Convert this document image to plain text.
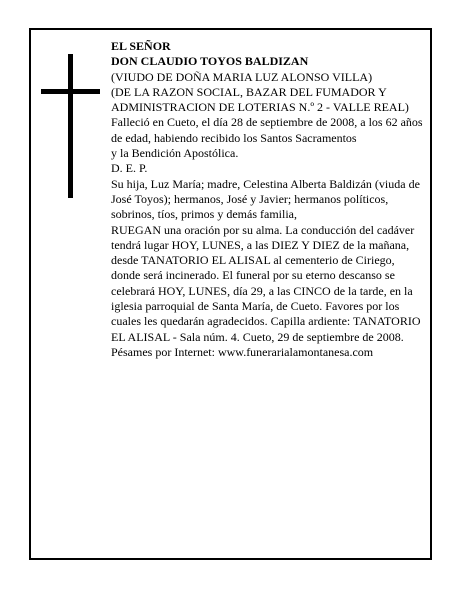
EL SEÑOR

DON CLAUDIO TOYOS BALDIZAN

(VIUDO DE DOÑA MARIA LUZ ALONSO VILLA)

(DE LA RAZON SOCIAL, BAZAR DEL FUMADOR Y ADMINISTRACION DE LOTERIAS N.º 2 - VALLE REAL)

Falleció en Cueto, el día 28 de septiembre de 2008, a los 62 años

de edad, habiendo recibido los Santos Sacramentos

y la Bendición Apostólica.

D. E. P.

Su hija, Luz María; madre, Celestina Alberta Baldizán (viuda de José Toyos); hermanos, José y Javier; hermanos políticos, sobrinos, tíos, primos y demás familia,

RUEGAN una oración por su alma. La conducción del cadáver tendrá lugar HOY, LUNES, a las DIEZ Y DIEZ de la mañana, desde TANATORIO EL ALISAL al cementerio de Ciriego, donde será incinerado. El funeral por su eterno descanso se celebrará HOY, LUNES, día 29, a las CINCO de la tarde, en la iglesia parroquial de Santa María, de Cueto. Favores por los cuales les quedarán agradecidos. Capilla ardiente: TANATORIO EL ALISAL - Sala núm. 4. Cueto, 29 de septiembre de 2008.

Pésames por Internet: www.funerarialamontanesa.com
